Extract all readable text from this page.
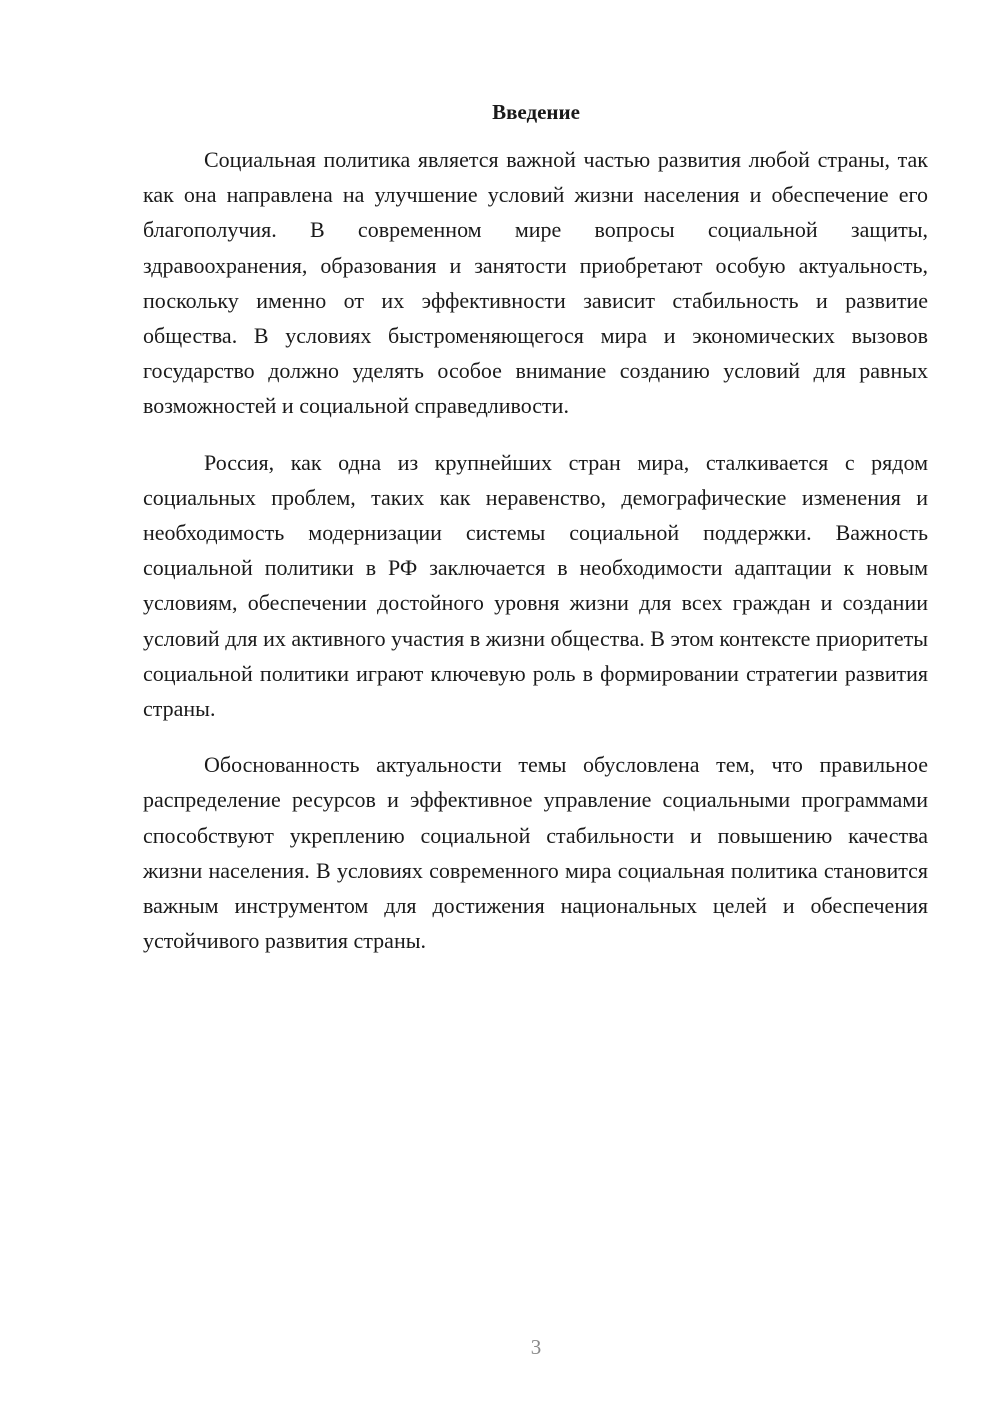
Введение

Социальная политика является важной частью развития любой страны, так как она направлена на улучшение условий жизни населения и обеспечение его благополучия. В современном мире вопросы социальной защиты, здравоохранения, образования и занятости приобретают особую актуальность, поскольку именно от их эффективности зависит стабильность и развитие общества. В условиях быстроменяющегося мира и экономических вызовов государство должно уделять особое внимание созданию условий для равных возможностей и социальной справедливости.

Россия, как одна из крупнейших стран мира, сталкивается с рядом социальных проблем, таких как неравенство, демографические изменения и необходимость модернизации системы социальной поддержки. Важность социальной политики в РФ заключается в необходимости адаптации к новым условиям, обеспечении достойного уровня жизни для всех граждан и создании условий для их активного участия в жизни общества. В этом контексте приоритеты социальной политики играют ключевую роль в формировании стратегии развития страны.

Обоснованность актуальности темы обусловлена тем, что правильное распределение ресурсов и эффективное управление социальными программами способствуют укреплению социальной стабильности и повышению качества жизни населения. В условиях современного мира социальная политика становится важным инструментом для достижения национальных целей и обеспечения устойчивого развития страны.

3
